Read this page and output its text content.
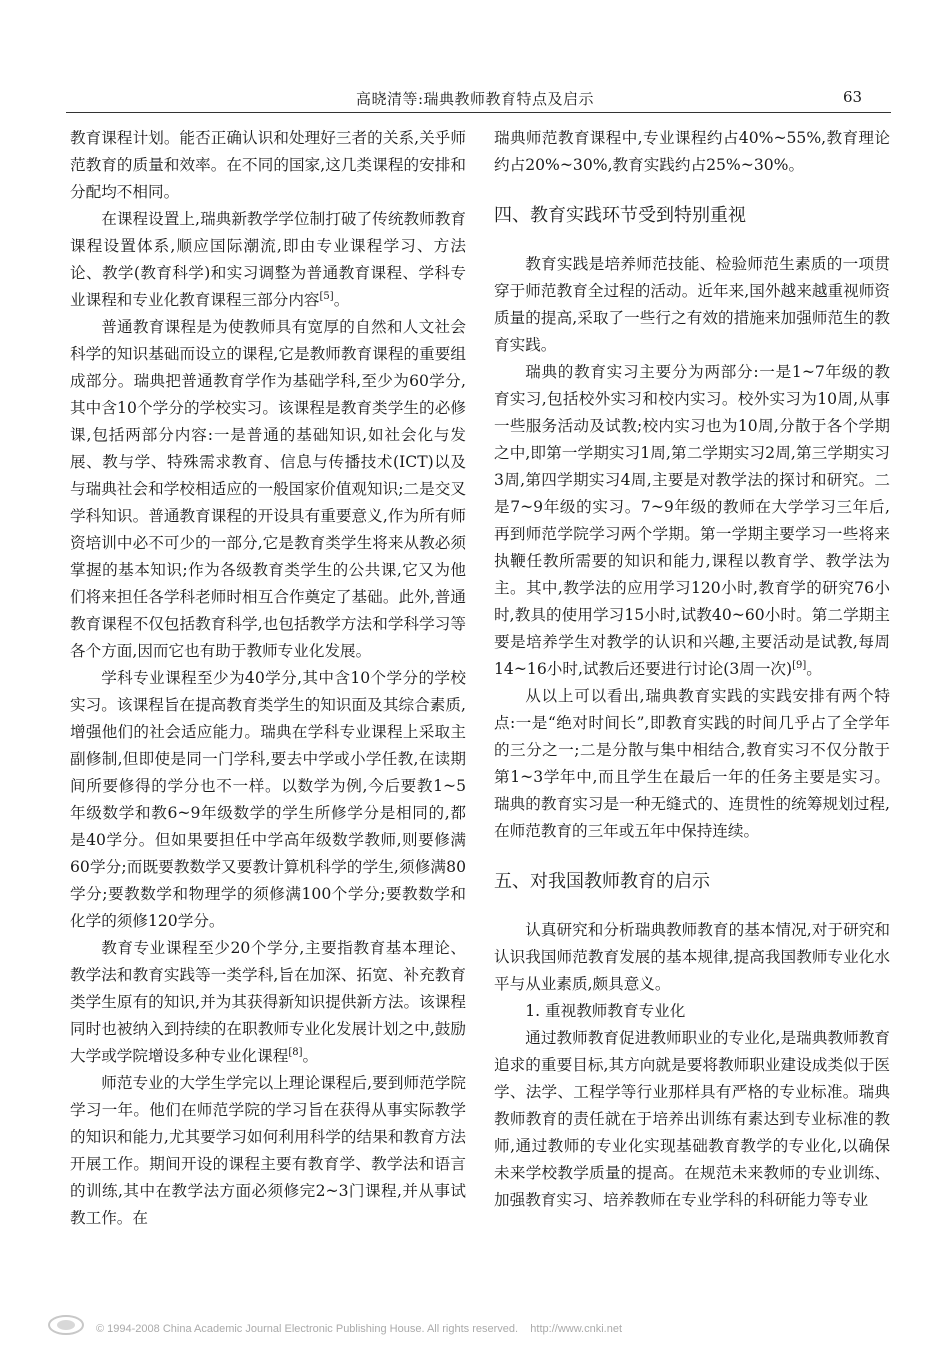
高晓清等:瑞典教师教育特点及启示	63

教育课程计划。能否正确认识和处理好三者的关系,关乎师范教育的质量和效率。在不同的国家,这几类课程的安排和分配均不相同。

在课程设置上,瑞典新教学学位制打破了传统教师教育课程设置体系,顺应国际潮流,即由专业课程学习、方法论、教学(教育科学)和实习调整为普通教育课程、学科专业课程和专业化教育课程三部分内容[5]。

普通教育课程是为使教师具有宽厚的自然和人文社会科学的知识基础而设立的课程,它是教师教育课程的重要组成部分。瑞典把普通教育学作为基础学科,至少为60学分,其中含10个学分的学校实习。该课程是教育类学生的必修课,包括两部分内容:一是普通的基础知识,如社会化与发展、教与学、特殊需求教育、信息与传播技术(ICT)以及与瑞典社会和学校相适应的一般国家价值观知识;二是交叉学科知识。普通教育课程的开设具有重要意义,作为所有师资培训中必不可少的一部分,它是教育类学生将来从教必须掌握的基本知识;作为各级教育类学生的公共课,它又为他们将来担任各学科老师时相互合作奠定了基础。此外,普通教育课程不仅包括教育科学,也包括教学方法和学科学习等各个方面,因而它也有助于教师专业化发展。

学科专业课程至少为40学分,其中含10个学分的学校实习。该课程旨在提高教育类学生的知识面及其综合素质,增强他们的社会适应能力。瑞典在学科专业课程上采取主副修制,但即使是同一门学科,要去中学或小学任教,在读期间所要修得的学分也不一样。以数学为例,今后要教1~5年级数学和教6~9年级数学的学生所修学分是相同的,都是40学分。但如果要担任中学高年级数学教师,则要修满60学分;而既要教数学又要教计算机科学的学生,须修满80学分;要教数学和物理学的须修满100个学分;要教数学和化学的须修120学分。

教育专业课程至少20个学分,主要指教育基本理论、教学法和教育实践等一类学科,旨在加深、拓宽、补充教育类学生原有的知识,并为其获得新知识提供新方法。该课程同时也被纳入到持续的在职教师专业化发展计划之中,鼓励大学或学院增设多种专业化课程[8]。

师范专业的大学生学完以上理论课程后,要到师范学院学习一年。他们在师范学院的学习旨在获得从事实际教学的知识和能力,尤其要学习如何利用科学的结果和教育方法开展工作。期间开设的课程主要有教育学、教学法和语言的训练,其中在教学法方面必须修完2~3门课程,并从事试教工作。在

瑞典师范教育课程中,专业课程约占40%~55%,教育理论约占20%~30%,教育实践约占25%~30%。

四、教育实践环节受到特别重视

教育实践是培养师范技能、检验师范生素质的一项贯穿于师范教育全过程的活动。近年来,国外越来越重视师资质量的提高,采取了一些行之有效的措施来加强师范生的教育实践。

瑞典的教育实习主要分为两部分:一是1~7年级的教育实习,包括校外实习和校内实习。校外实习为10周,从事一些服务活动及试教;校内实习也为10周,分散于各个学期之中,即第一学期实习1周,第二学期实习2周,第三学期实习3周,第四学期实习4周,主要是对教学法的探讨和研究。二是7~9年级的实习。7~9年级的教师在大学学习三年后,再到师范学院学习两个学期。第一学期主要学习一些将来执鞭任教所需要的知识和能力,课程以教育学、教学法为主。其中,教学法的应用学习120小时,教育学的研究76小时,教具的使用学习15小时,试教40~60小时。第二学期主要是培养学生对教学的认识和兴趣,主要活动是试教,每周14~16小时,试教后还要进行讨论(3周一次)[9]。

从以上可以看出,瑞典教育实践的实践安排有两个特点:一是“绝对时间长”,即教育实践的时间几乎占了全学年的三分之一;二是分散与集中相结合,教育实习不仅分散于第1~3学年中,而且学生在最后一年的任务主要是实习。瑞典的教育实习是一种无缝式的、连贯性的统筹规划过程,在师范教育的三年或五年中保持连续。

五、对我国教师教育的启示

认真研究和分析瑞典教师教育的基本情况,对于研究和认识我国师范教育发展的基本规律,提高我国教师专业化水平与从业素质,颇具意义。

1. 重视教师教育专业化

通过教师教育促进教师职业的专业化,是瑞典教师教育追求的重要目标,其方向就是要将教师职业建设成类似于医学、法学、工程学等行业那样具有严格的专业标准。瑞典教师教育的责任就在于培养出训练有素达到专业标准的教师,通过教师的专业化实现基础教育教学的专业化,以确保未来学校教学质量的提高。在规范未来教师的专业训练、加强教育实习、培养教师在专业学科的科研能力等专业

© 1994-2008 China Academic Journal Electronic Publishing House. All rights reserved. http://www.cnki.net
